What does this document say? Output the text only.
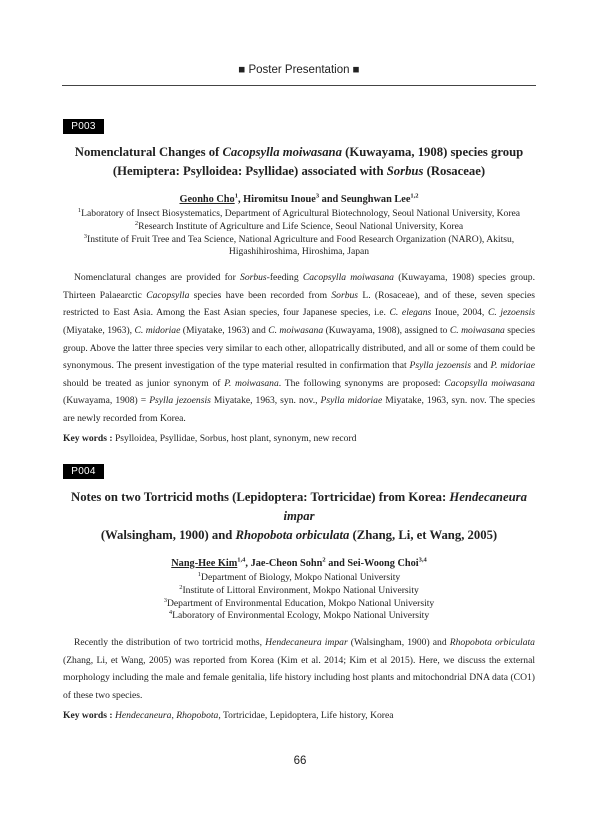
■ Poster Presentation ■
P003
Nomenclatural Changes of Cacopsylla moiwasana (Kuwayama, 1908) species group
(Hemiptera: Psylloidea: Psyllidae) associated with Sorbus (Rosaceae)
Geonho Cho$^1$, Hiromitsu Inoue$^3$ and Seunghwan Lee$^{1,2}$
$^1$Laboratory of Insect Biosystematics, Department of Agricultural Biotechnology, Seoul National University, Korea
$^2$Research Institute of Agriculture and Life Science, Seoul National University, Korea
$^3$Institute of Fruit Tree and Tea Science, National Agriculture and Food Research Organization (NARO), Akitsu,
Higashihiroshima, Hiroshima, Japan
Nomenclatural changes are provided for Sorbus-feeding Cacopsylla moiwasana (Kuwayama, 1908) species group. Thirteen Palaearctic Cacopsylla species have been recorded from Sorbus L. (Rosaceae), and of these, seven species restricted to East Asia. Among the East Asian species, four Japanese species, i.e. C. elegans Inoue, 2004, C. jezoensis (Miyatake, 1963), C. midoriae (Miyatake, 1963) and C. moiwasana (Kuwayama, 1908), assigned to C. moiwasana species group. Above the latter three species very similar to each other, allopatrically distributed, and all or some of them could be synonymous. The present investigation of the type material resulted in confirmation that Psylla jezoensis and P. midoriae should be treated as junior synonym of P. moiwasana. The following synonyms are proposed: Cacopsylla moiwasana (Kuwayama, 1908) = Psylla jezoensis Miyatake, 1963, syn. nov., Psylla midoriae Miyatake, 1963, syn. nov. The species are newly recorded from Korea.
Key words : Psylloidea, Psyllidae, Sorbus, host plant, synonym, new record
P004
Notes on two Tortricid moths (Lepidoptera: Tortricidae) from Korea: Hendecaneura impar
(Walsingham, 1900) and Rhopobota orbiculata (Zhang, Li, et Wang, 2005)
Nang-Hee Kim$^{1,4}$, Jae-Cheon Sohn$^2$ and Sei-Woong Choi$^{3,4}$
$^1$Department of Biology, Mokpo National University
$^2$Institute of Littoral Environment, Mokpo National University
$^3$Department of Environmental Education, Mokpo National University
$^4$Laboratory of Environmental Ecology, Mokpo National University
Recently the distribution of two tortricid moths, Hendecaneura impar (Walsingham, 1900) and Rhopobota orbiculata (Zhang, Li, et Wang, 2005) was reported from Korea (Kim et al. 2014; Kim et al 2015). Here, we discuss the external morphology including the male and female genitalia, life history including host plants and mitochondrial DNA data (CO1) of these two species.
Key words : Hendecaneura, Rhopobota, Tortricidae, Lepidoptera, Life history, Korea
66
